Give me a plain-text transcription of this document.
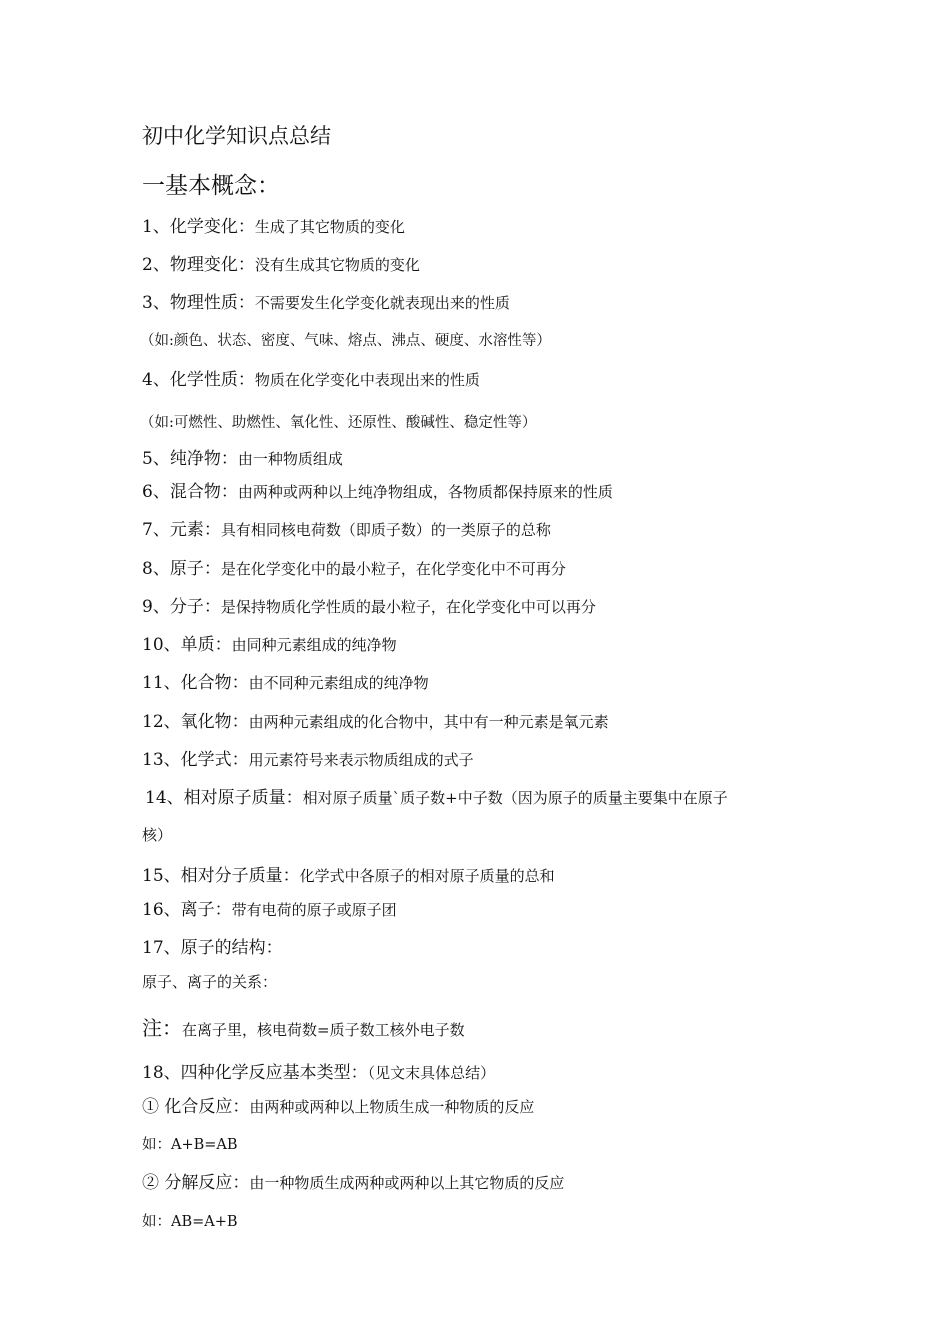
初中化学知识点总结
一基本概念：
1、化学变化：生成了其它物质的变化
2、物理变化：没有生成其它物质的变化
3、物理性质：不需要发生化学变化就表现出来的性质
（如:颜色、状态、密度、气味、熔点、沸点、硬度、水溶性等）
4、化学性质：物质在化学变化中表现出来的性质
（如:可燃性、助燃性、氧化性、还原性、酸碱性、稳定性等）
5、纯净物：由一种物质组成
6、混合物：由两种或两种以上纯净物组成，各物质都保持原来的性质
7、元素：具有相同核电荷数（即质子数）的一类原子的总称
8、原子：是在化学变化中的最小粒子，在化学变化中不可再分
9、分子：是保持物质化学性质的最小粒子，在化学变化中可以再分
10、单质：由同种元素组成的纯净物
11、化合物：由不同种元素组成的纯净物
12、氧化物：由两种元素组成的化合物中，其中有一种元素是氧元素
13、化学式：用元素符号来表示物质组成的式子
14、相对原子质量：相对原子质量`质子数+中子数（因为原子的质量主要集中在原子
核）
15、相对分子质量：化学式中各原子的相对原子质量的总和
16、离子：带有电荷的原子或原子团
17、原子的结构：
原子、离子的关系：
注：在离子里，核电荷数=质子数工核外电子数
18、四种化学反应基本类型：（见文末具体总结）
① 化合反应：由两种或两种以上物质生成一种物质的反应
如：A+B=AB
② 分解反应：由一种物质生成两种或两种以上其它物质的反应
如：AB=A+B
